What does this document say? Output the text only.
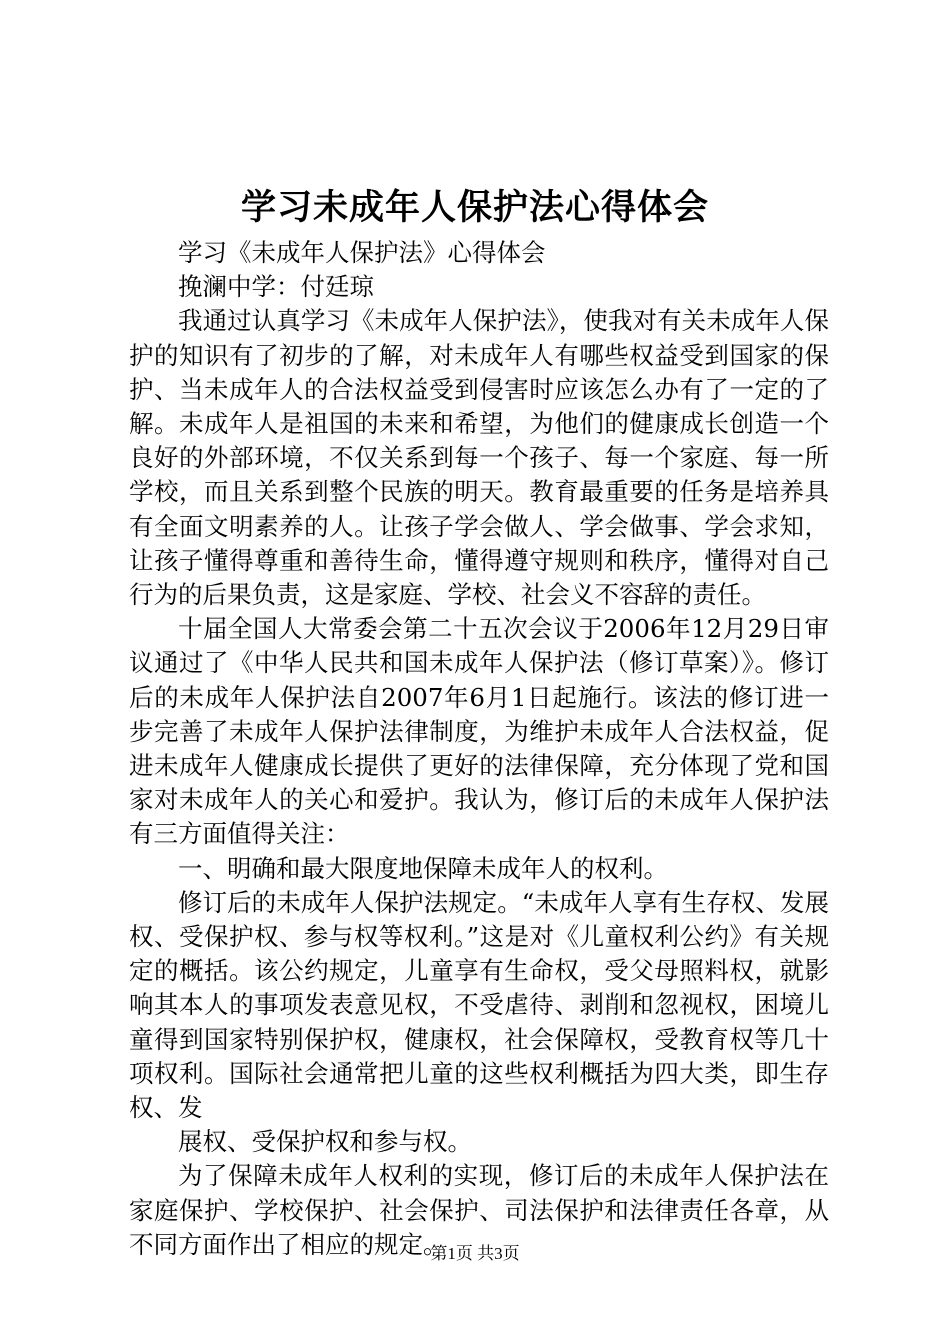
学习未成年人保护法心得体会

学习《未成年人保护法》心得体会

挽澜中学：付廷琼

我通过认真学习《未成年人保护法》，使我对有关未成年人保护的知识有了初步的了解，对未成年人有哪些权益受到国家的保护、当未成年人的合法权益受到侵害时应该怎么办有了一定的了解。未成年人是祖国的未来和希望，为他们的健康成长创造一个良好的外部环境，不仅关系到每一个孩子、每一个家庭、每一所学校，而且关系到整个民族的明天。教育最重要的任务是培养具有全面文明素养的人。让孩子学会做人、学会做事、学会求知，让孩子懂得尊重和善待生命，懂得遵守规则和秩序，懂得对自己行为的后果负责，这是家庭、学校、社会义不容辞的责任。

十届全国人大常委会第二十五次会议于2006年12月29日审议通过了《中华人民共和国未成年人保护法（修订草案）》。修订后的未成年人保护法自2007年6月1日起施行。该法的修订进一步完善了未成年人保护法律制度，为维护未成年人合法权益，促进未成年人健康成长提供了更好的法律保障，充分体现了党和国家对未成年人的关心和爱护。我认为，修订后的未成年人保护法有三方面值得关注：

一、明确和最大限度地保障未成年人的权利。

修订后的未成年人保护法规定。“未成年人享有生存权、发展权、受保护权、参与权等权利。”这是对《儿童权利公约》有关规定的概括。该公约规定，儿童享有生命权，受父母照料权，就影响其本人的事项发表意见权，不受虐待、剥削和忽视权，困境儿童得到国家特别保护权，健康权，社会保障权，受教育权等几十项权利。国际社会通常把儿童的这些权利概括为四大类，即生存权、发

展权、受保护权和参与权。

为了保障未成年人权利的实现，修订后的未成年人保护法在家庭保护、学校保护、社会保护、司法保护和法律责任各章，从不同方面作出了相应的规定。

第1页 共3页
